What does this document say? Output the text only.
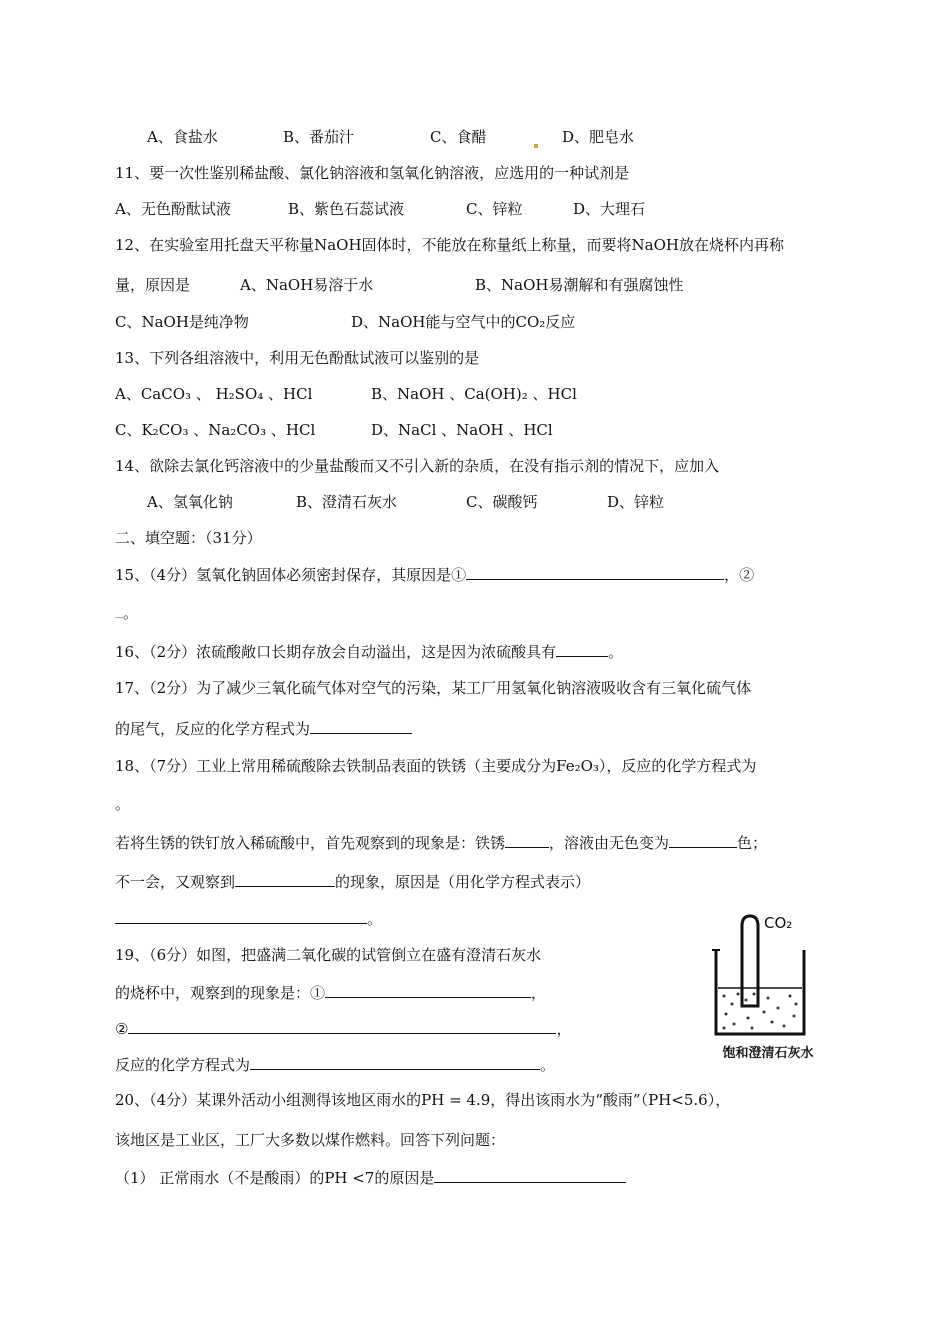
A、食盐水	B、番茄汁	C、食醋	D、肥皂水
11、要一次性鉴别稀盐酸、氯化钠溶液和氢氧化钠溶液，应选用的一种试剂是
A、无色酚酞试液	B、紫色石蕊试液	C、锌粒	D、大理石
12、在实验室用托盘天平称量NaOH固体时，不能放在称量纸上称量，而要将NaOH放在烧杯内再称
量，原因是	A、NaOH易溶于水	B、NaOH易潮解和有强腐蚀性
C、NaOH是纯净物	D、NaOH能与空气中的CO₂反应
13、下列各组溶液中，利用无色酚酞试液可以鉴别的是
A、CaCO₃ 、 H₂SO₄ 、HCl	B、NaOH 、Ca(OH)₂ 、HCl
C、K₂CO₃ 、Na₂CO₃ 、HCl	D、NaCl 、NaOH 、HCl
14、欲除去氯化钙溶液中的少量盐酸而又不引入新的杂质，在没有指示剂的情况下，应加入
A、氢氧化钠	B、澄清石灰水	C、碳酸钙	D、锌粒
二、填空题：（31分）
15、（4分）氢氧化钠固体必须密封保存，其原因是①	，②
。
16、（2分）浓硫酸敞口长期存放会自动溢出，这是因为浓硫酸具有	。
17、（2分）为了减少三氧化硫气体对空气的污染，某工厂用氢氧化钠溶液吸收含有三氧化硫气体
的尾气，反应的化学方程式为
18、（7分）工业上常用稀硫酸除去铁制品表面的铁锈（主要成分为Fe₂O₃），反应的化学方程式为
。
若将生锈的铁钉放入稀硫酸中，首先观察到的现象是：铁锈	，溶液由无色变为	色；
不一会，又观察到	的现象，原因是（用化学方程式表示）
。
19、（6分）如图，把盛满二氧化碳的试管倒立在盛有澄清石灰水
的烧杯中，观察到的现象是：①	，
②	，
反应的化学方程式为	。
CO₂
饱和澄清石灰水
20、（4分）某课外活动小组测得该地区雨水的PH = 4.9，得出该雨水为“酸雨”（PH<5.6），
该地区是工业区，工厂大多数以煤作燃料。回答下列问题：
（1） 正常雨水（不是酸雨）的PH <7的原因是
